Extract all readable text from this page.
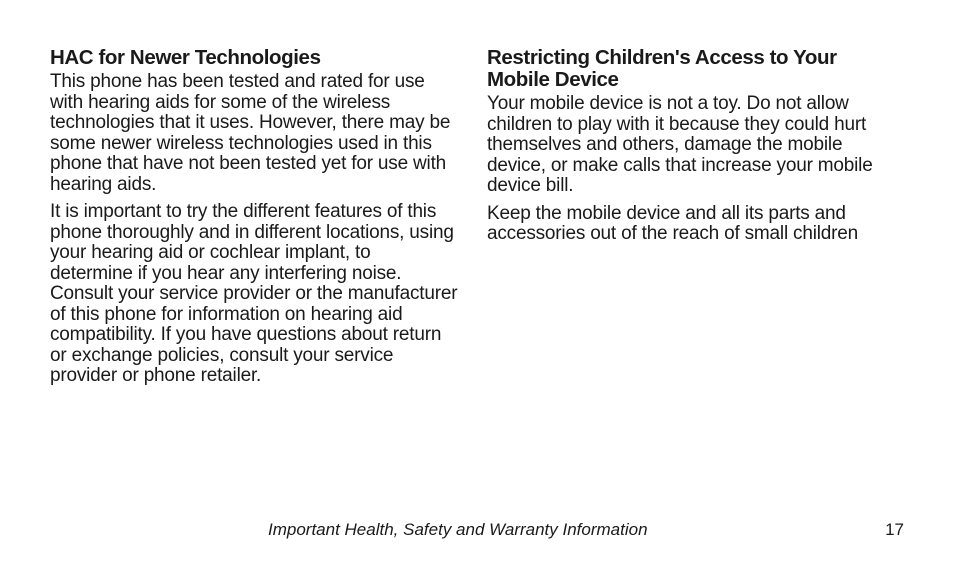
HAC for Newer Technologies

This phone has been tested and rated for use with hearing aids for some of the wireless technologies that it uses. However, there may be some newer wireless technologies used in this phone that have not been tested yet for use with hearing aids.

It is important to try the different features of this phone thoroughly and in different locations, using your hearing aid or cochlear implant, to determine if you hear any interfering noise. Consult your service provider or the manufacturer of this phone for information on hearing aid compatibility. If you have questions about return or exchange policies, consult your service provider or phone retailer.

Restricting Children's Access to Your Mobile Device

Your mobile device is not a toy. Do not allow children to play with it because they could hurt themselves and others, damage the mobile device, or make calls that increase your mobile device bill.

Keep the mobile device and all its parts and accessories out of the reach of small children

Important Health, Safety and Warranty Information	17
